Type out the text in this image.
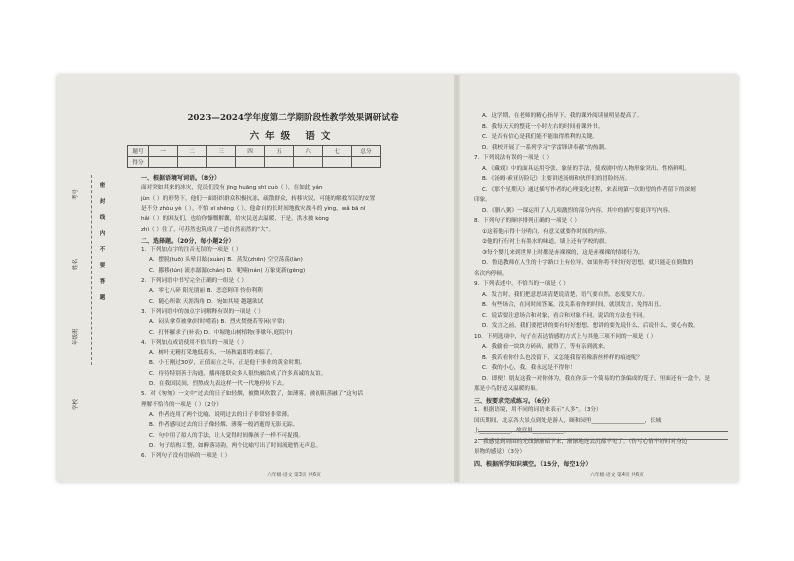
学校
年级班
姓名
考号
密
封
线
内
不
要
答
题
2023—2024学年度第二学期阶段性教学效果调研试卷
六年级 语文
题号	一	二	三	四	五	六	七	总分
得分								
一、根据语境写词语。（8分）
面对突如其来的冰灾，党员们没有 jīng huāng shī cuò（ ），在如此 yán
jùn（ ）的形势下，他们一面组织群众积极抗冻，疏散群众，转移灾民，可能的解救军民的安置
是不分 zhòu yè（ ）。不怕 xī shēng（ ），他命自的长时间地救灾战斗的 yìng，wǎ bā nī
hǎi（ ）的困友们，也给你慷慨解囊，给灾民送去温暖，于是，洪水被 kòng
zhì（ ）住了，可苏然也筑成了一道自然而然的“大”。
二、选择题。（20分，每小题2分）
1．下列加点字的注音无误的一项是（ ）
A．摆脱(tuō) 头晕目眩(xuàn) B．蒸发(zhēn) 空空荡荡(làn)
C．挪移(lún) 流水潺潺(chán) D．呢喃(nán) 万象更新(gēng)
2．下列词语中书写完全正确的一组是（ ）
A．零七八碎 阳光朋丽 B．恋恋阿印 怜份利利
C．随心所欲 天涯海角 D．宛如其境 越越欲试
3．下列词语中的加点字词解释有误的一项是（ ）
A．闷头拿草被拿(时时啃着) B．烈火焚烧若等闲(平常)
C．打怀羅求子(补表) D．中堀地山树植物(菲歇年,庭院中)
4．下列加点成语使用不恰当的一项是（ ）
A．树叶无精打采地低着头，一场秋霜即将来临了。
B．小王刚过30岁，正值而立之年，正是他干事业的黄金时期。
C．待待特别善于沟通，播再能联众多人很快融洽成了许多真诚的友谊。
D．在我国民间，烈熬成九表这样一代一代地停传下去。
5．对《匆匆》一文中“过去的日子如轻烟，被微风吹散了，如薄雾，被初阳蒸融了”这句话
理解不恰当的一项是（ ）（2分）
A．作者连用了两个比喻，说明过去的日子非常轻非常薄。
B．作者感叹过去的日子像轻烟、薄雾一般消逝得无影无踪。
C．句中用了拟人的手法，让人觉得时间像孩子一样不可捉摸。
D．句子结构工整，如醉落诗韵，两个比喻写出了时间流逝悄无声息。
6．下列句子没有语病的一项是（ ）
六年级·语文 第3页 共6页
A．这学期，在老师的精心指导下，我的课外阅读量明显提高了。
B．我每天天的整花一小时左右的时间看课外书。
C．是否有信心是我们能不能取得胜利的关键。
D．我校开展了一系列学习“学雷锋讲奉献”的热潮。
7．下列说法有误的一项是（ ）
A．《藏戏》中的面具运用夸张、象征的手法，使戏剧中的人物形象突出、性格鲜明。
B．《汤姆·索亚历险记》主要讲述汤姆和伙伴们的冒险经历。
C．《那个星期天》通过插写作者的心理变化过程，来表现第一次盼望的作者留下的深刻
印象。
D．《腊八粥》一课运用了人几项激烈的部分内容，其中的描写要更详写内容。
8．下列句子的顺序排列正确的一项是（ ）
①这着他示得十分明白，有意义就要作时间的内容。
②他的行行衬上有墨水的味道，墙上还有学校的旗。
③每个婴儿来到世界上时都是赤裸裸的，这是赤裸裸的情绪行为。
D．鲁迅教师在人生的十字路口上有位导，如果你将不时好好思想，就只能走在倒数的
名次内停顿。
9．下列表述中，不恰当的一项是（ ）
A．发言时，我们把意思谈清楚说清楚，语气要自然，态度要大方。
B．有些场合，在同时间答案，没关系看你的时间，就别发言，免得出丑。
C．说话要注意场合和对象，看合和对象不同，说话的方法也不同。
D．发言之前，我们要把讲的要有好好想想，想讲的要先说什么，后说什么，要心有数。
10．下列选项中，句子在表达情感的方式上与其他三项不同的一项是（ ）
A．我偷看一块块方砖砖，就得了，等有亲到就来。
B．我若看你什么也没留下，又怎能我留着像游丝样样的痕迹呢？
C．我的小心，我，我永远是不得你！
D．即便！朋友这我一对你体为，我在你亲一个简易的竹条编成的笼子，里面还有一盒个，是
那是小鸟舒适又温暖的巢。
三、按要求完成练习。（6分）
1．根据语境，用不同的词语来表示“人多”。（3分）
国庆期间，北京各大景点到处是游人，颐和园里___________________，长城
上___________，故宫里___________。
2．我感觉到周围的光线渐渐暗下来，渐渐地连云沉都不见了。（仿写心情不好时对身边
景物的感觉）（3分）
四、根据所学知识填空。（15分，每空1分）
六年级·语文 第4页 共6页
